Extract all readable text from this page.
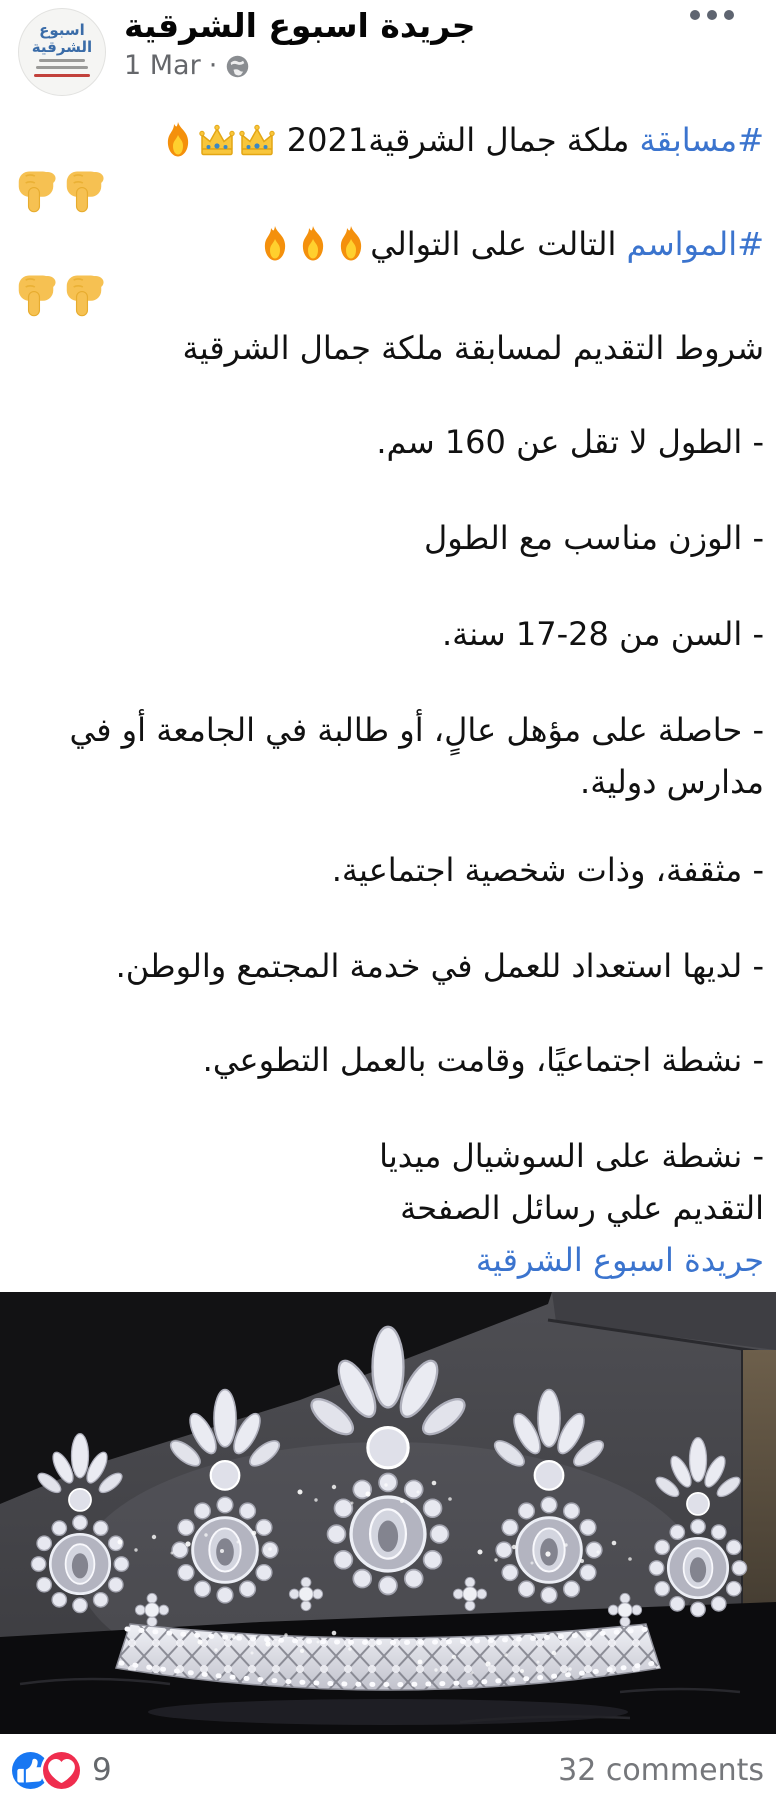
اسبوع الشرقية
جريدة اسبوع الشرقية
1 Mar ·
#مسابقة ملكة جمال الشرقية2021
#المواسم التالت على التوالي
شروط التقديم لمسابقة ملكة جمال الشرقية
- الطول لا تقل عن 160 سم.
- الوزن مناسب مع الطول
- السن من 28-17 سنة.
- حاصلة على مؤهل عالٍ، أو طالبة في الجامعة أو في مدارس دولية.
- مثقفة، وذات شخصية اجتماعية.
- لديها استعداد للعمل في خدمة المجتمع والوطن.
- نشطة اجتماعيًا، وقامت بالعمل التطوعي.
- نشطة على السوشيال ميديا
التقديم علي رسائل الصفحة
جريدة اسبوع الشرقية
9	32 comments
